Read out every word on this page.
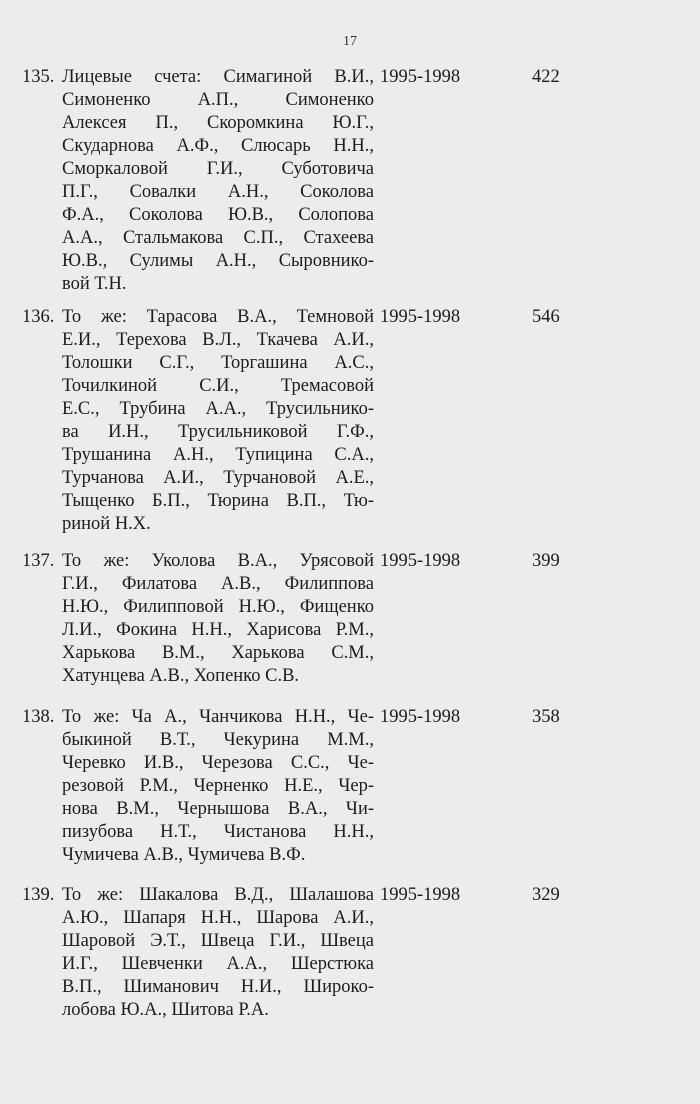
17
135. Лицевые счета: Симагиной В.И.,
Симоненко А.П., Симоненко
Алексея П., Скоромкина Ю.Г.,
Скударнова А.Ф., Слюсарь Н.Н.,
Сморкаловой Г.И., Суботовича
П.Г., Совалки А.Н., Соколова
Ф.А., Соколова Ю.В., Солопова
А.А., Стальмакова С.П., Стахеева
Ю.В., Сулимы А.Н., Сыровнико-
вой Т.Н.
1995-1998	422
136. То же: Тарасова В.А., Темновой
Е.И., Терехова В.Л., Ткачева А.И.,
Толошки С.Г., Торгашина А.С.,
Точилкиной С.И., Тремасовой
Е.С., Трубина А.А., Трусильнико-
ва И.Н., Трусильниковой Г.Ф.,
Трушанина А.Н., Тупицина С.А.,
Турчанова А.И., Турчановой А.Е.,
Тыщенко Б.П., Тюрина В.П., Тю-
риной Н.Х.
1995-1998	546
137. То же: Уколова В.А., Урясовой
Г.И., Филатова А.В., Филиппова
Н.Ю., Филипповой Н.Ю., Фищенко
Л.И., Фокина Н.Н., Харисова Р.М.,
Харькова В.М., Харькова С.М.,
Хатунцева А.В., Хопенко С.В.
1995-1998	399
138. То же: Ча А., Чанчикова Н.Н., Че-
быкиной В.Т., Чекурина М.М.,
Черевко И.В., Черезова С.С., Че-
резовой Р.М., Черненко Н.Е., Чер-
нова В.М., Чернышова В.А., Чи-
пизубова Н.Т., Чистанова Н.Н.,
Чумичева А.В., Чумичева В.Ф.
1995-1998	358
139. То же: Шакалова В.Д., Шалашова
А.Ю., Шапаря Н.Н., Шарова А.И.,
Шаровой Э.Т., Швеца Г.И., Швеца
И.Г., Шевченки А.А., Шерстюка
В.П., Шиманович Н.И., Широко-
лобова Ю.А., Шитова Р.А.
1995-1998	329
